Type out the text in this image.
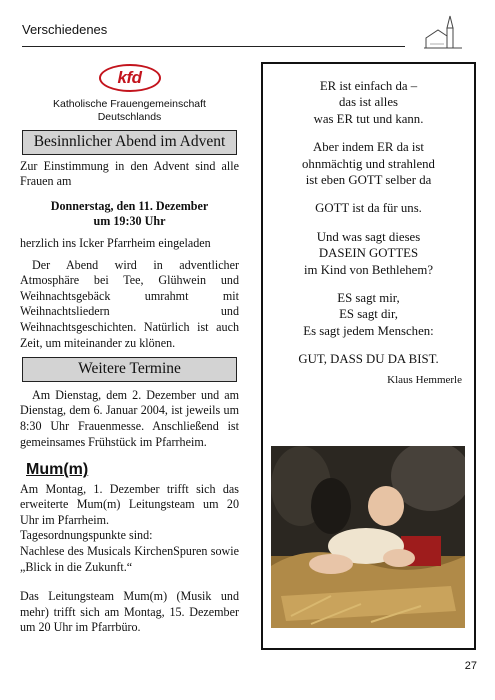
Verschiedenes
kfd
Katholische Frauengemeinschaft
Deutschlands
Besinnlicher Abend im Advent
Zur Einstimmung in den Advent sind alle Frauen am
Donnerstag, den 11. Dezember
um 19:30 Uhr
herzlich ins Icker Pfarrheim eingeladen
Der Abend wird in adventlicher Atmosphäre bei Tee, Glühwein und Weihnachtsgebäck umrahmt mit Weihnachtsliedern und Weihnachtsgeschichten. Natürlich ist auch Zeit, um miteinander zu klönen.
Weitere Termine
Am Dienstag, dem 2. Dezember und am Dienstag, dem 6. Januar 2004, ist jeweils um 8:30 Uhr Frauenmesse. Anschließend ist gemeinsames Frühstück im Pfarrheim.
Mum(m)
Am Montag, 1. Dezember trifft sich das erweiterte Mum(m) Leitungsteam um 20 Uhr im Pfarrheim.
Tagesordnungspunkte sind:
Nachlese des Musicals KirchenSpuren sowie „Blick in die Zukunft.“
Das Leitungsteam Mum(m) (Musik und mehr) trifft sich am Montag, 15. Dezember um 20 Uhr im Pfarrbüro.
ER ist einfach da –
das ist alles
was ER tut und kann.
Aber indem ER da ist
ohnmächtig und strahlend
ist eben GOTT selber da
GOTT ist da für uns.
Und was sagt dieses
DASEIN GOTTES
im Kind von Bethlehem?
ES sagt mir,
ES sagt dir,
Es sagt jedem Menschen:
GUT, DASS DU DA BIST.
Klaus Hemmerle
27
